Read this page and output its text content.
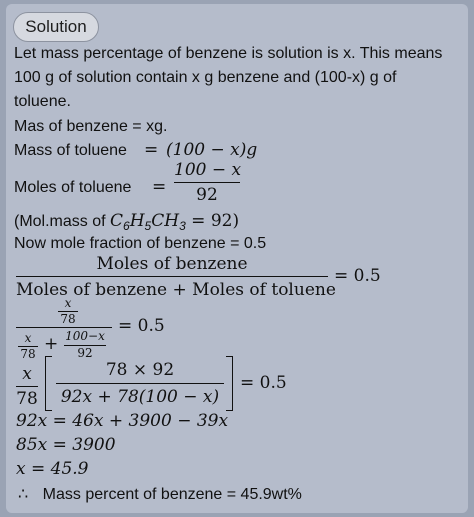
Solution
Let mass percentage of benzene is solution is x. This means
100 g of solution contain x g benzene and (100-x) g of
toluene.
Mas of benzene = xg.
Mass of toluene = (100 − x)g
Moles of toluene =
100 − x
92
(Mol.mass of $C_6H_5CH_3 = 92$)
Now mole fraction of benzene = 0.5
Moles of benzene
Moles of benzene + Moles of toluene
= 0.5
x
78
x
78 + 100−x
92
= 0.5
x
78
78 × 92
92x + 78(100 − x)
= 0.5
92x = 46x + 3900 − 39x
85x = 3900
x = 45.9
∴ Mass percent of benzene = 45.9wt%
